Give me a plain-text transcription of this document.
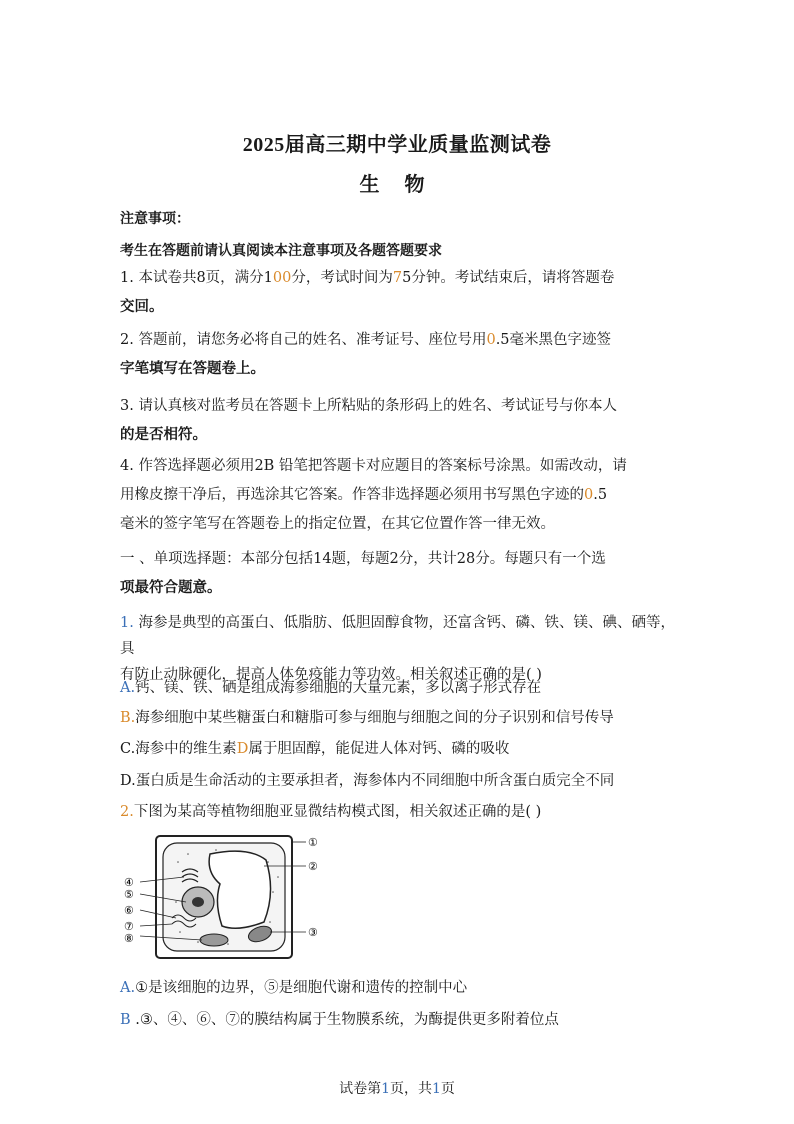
2025届高三期中学业质量监测试卷
生 物
注意事项：
考生在答题前请认真阅读本注意事项及各题答题要求
1. 本试卷共8页，满分100分，考试时间为75分钟。考试结束后，请将答题卷
交回。
2. 答题前，请您务必将自己的姓名、准考证号、座位号用0.5毫米黑色字迹签
字笔填写在答题卷上。
3. 请认真核对监考员在答题卡上所粘贴的条形码上的姓名、考试证号与你本人
的是否相符。
4. 作答选择题必须用2B 铅笔把答题卡对应题目的答案标号涂黑。如需改动，请
用橡皮擦干净后，再选涂其它答案。作答非选择题必须用书写黑色字迹的0.5
毫米的签字笔写在答题卷上的指定位置，在其它位置作答一律无效。
一 、单项选择题：本部分包括14题，每题2分，共计28分。每题只有一个选
项最符合题意。
1. 海参是典型的高蛋白、低脂肪、低胆固醇食物，还富含钙、磷、铁、镁、碘、硒等，具
有防止动脉硬化，提高人体免疫能力等功效。相关叙述正确的是( )
A.钙、镁、铁、硒是组成海参细胞的大量元素，多以离子形式存在
B.海参细胞中某些糖蛋白和糖脂可参与细胞与细胞之间的分子识别和信号传导
C.海参中的维生素D属于胆固醇，能促进人体对钙、磷的吸收
D.蛋白质是生命活动的主要承担者，海参体内不同细胞中所含蛋白质完全不同
2.下图为某高等植物细胞亚显微结构模式图，相关叙述正确的是( )
①
②
③
④
⑤
⑥
⑦
⑧
A.①是该细胞的边界，⑤是细胞代谢和遗传的控制中心
B .③、④、⑥、⑦的膜结构属于生物膜系统，为酶提供更多附着位点
试卷第1页，共1页
